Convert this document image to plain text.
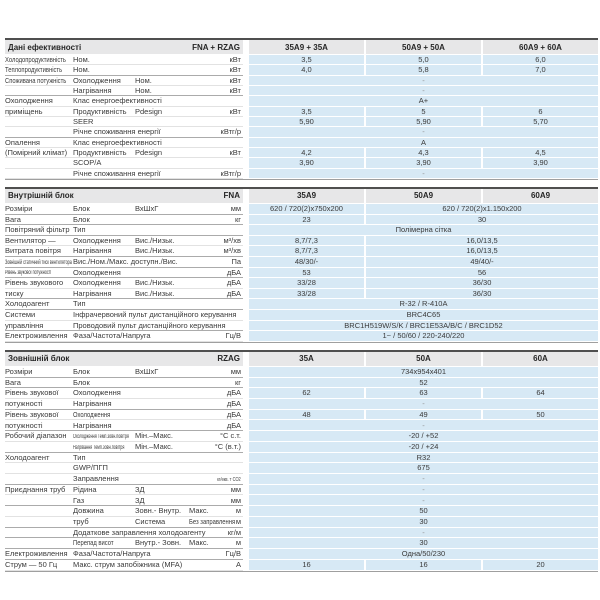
Дані ефективності	FNA + RZAG	35A9 + 35A	50A9 + 50A	60A9 + 60A
Холодопродуктивність Ном.	кВт	3,5	5,0	6,0
Теплопродуктивність	Ном.	кВт	4,0	5,8	7,0
Споживана потужність Охолодження	Ном.	кВт	-
Нагрівання	Ном.	кВт	-
Охолодження	Клас енергоефективності	A+
приміщень	Продуктивність	Pdesign	кВт	3,5	5	6
SEER	5,90	5,90	5,70
Річне споживання енергії	кВтг/р	-
Опалення	Клас енергоефективності	A
(Помірний клімат) Продуктивність	Pdesign	кВт	4,2	4,3	4,5
SCOP/A	3,90	3,90	3,90
Річне споживання енергії	кВтг/р	-
Внутрішній блок	FNA	35A9	50A9	60A9
Розміри	Блок	ВхШхГ	мм	620 / 720(2)x750x200	620 / 720(2)x1.150x200
Вага	Блок	кг	23	30
Повітряний фільтр Тип	Полімерна сітка
Вентилятор —	Охолодження	Вис./Низьк.	м³/хв	8,7/7,3	16,0/13,5
Витрата повітря	Нагрівання	Вис./Низьк.	м³/хв	8,7/7,3	16,0/13,5
Зовнішній статичний тиск вентилятора Вис./Ном./Макс. доступн./Вис.	Па	48/30/-	49/40/-
Рівень звукової потужності	Охолодження	дБА	53	56
Рівень звукового	Охолодження	Вис./Низьк.	дБА	33/28	36/30
тиску	Нагрівання	Вис./Низьк.	дБА	33/28	36/30
Холодоагент	Тип	R-32 / R-410A
Системи	Інфрачервоний пульт дистанційного керування	BRC4C65
управління	Проводовий пульт дистанційного керування	BRC1H519W/S/K / BRC1E53A/B/C / BRC1D52
Електроживлення Фаза/Частота/Напруга	Гц/В	1~ / 50/60 / 220-240/220
Зовнішній блок	RZAG	35A	50A	60A
Розміри	Блок	ВхШхГ	мм	734x954x401
Вага	Блок	кг	52
Рівень звукової	Охолодження	дБА	62	63	64
потужності	Нагрівання	дБА	-
Рівень звукової	Охолодження	дБА	48	49	50
потужності	Нагрівання	дБА	-
Робочий діапазон	Охолодження Темп.зовн.повітря Мін.–Макс.	°C с.т.	-20 / +52
Нагрівання Темп.зовн.повітря	Мін.–Макс.	°C (в.т.)	-20 / +24
Холодоагент	Тип	R32
GWP/ПГП	675
Заправлення	кг/екв. т CO2	-
Приєднання труб	Рідина	ЗД	мм	-
Газ	ЗД	мм	-
Довжина	Зовн.- Внутр.	Макс.	м	50
труб	Система	Без заправлення м	30
Додаткове заправлення холодоагенту	кг/м	-
Перепад висот	Внутр.- Зовн.	Макс.	м	30
Електроживлення Фаза/Частота/Напруга	Гц/В	Одна/50/230
Струм — 50 Гц	Макс. струм запобіжника (MFA)	А	16	16	20
